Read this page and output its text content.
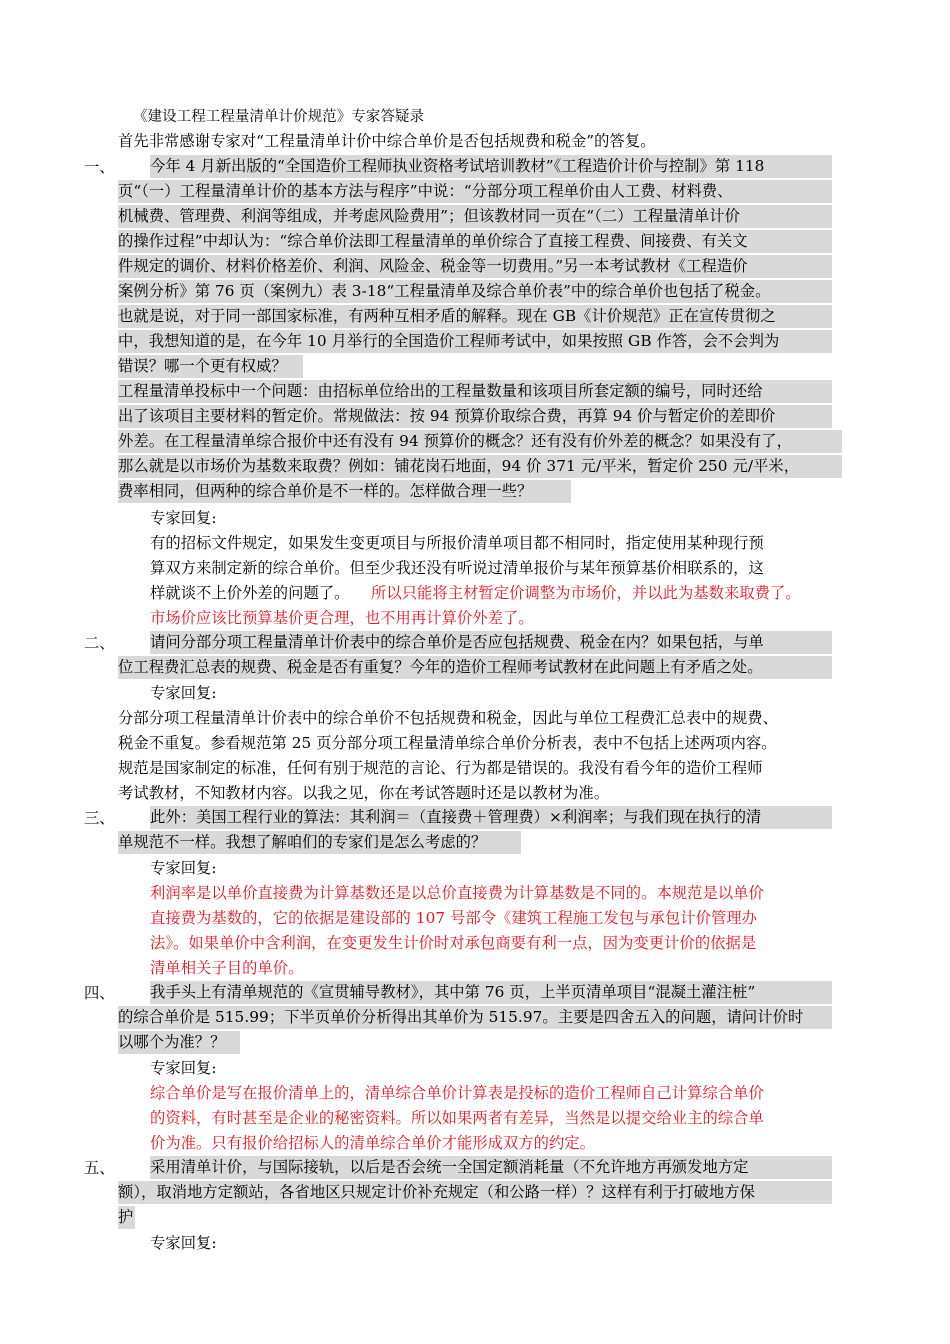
《建设工程工程量清单计价规范》专家答疑录
首先非常感谢专家对“工程量清单计价中综合单价是否包括规费和税金”的答复。
一、 今年 4 月新出版的“全国造价工程师执业资格考试培训教材”《工程造价计价与控制》第 118
页“（一）工程量清单计价的基本方法与程序”中说：“分部分项工程单价由人工费、材料费、
机械费、管理费、利润等组成，并考虑风险费用”；但该教材同一页在“（二）工程量清单计价
的操作过程”中却认为：“综合单价法即工程量清单的单价综合了直接工程费、间接费、有关文
件规定的调价、材料价格差价、利润、风险金、税金等一切费用。”另一本考试教材《工程造价
案例分析》第 76 页（案例九）表 3-18“工程量清单及综合单价表”中的综合单价也包括了税金。
也就是说，对于同一部国家标准，有两种互相矛盾的解释。现在 GB《计价规范》正在宣传贯彻之
中，我想知道的是，在今年 10 月举行的全国造价工程师考试中，如果按照 GB 作答，会不会判为
错误？哪一个更有权威？
工程量清单投标中一个问题：由招标单位给出的工程量数量和该项目所套定额的编号，同时还给
出了该项目主要材料的暂定价。常规做法：按 94 预算价取综合费，再算 94 价与暂定价的差即价
外差。在工程量清单综合报价中还有没有 94 预算价的概念？还有没有价外差的概念？如果没有了，
那么就是以市场价为基数来取费？例如：铺花岗石地面，94 价 371 元/平米，暂定价 250 元/平米，
费率相同，但两种的综合单价是不一样的。怎样做合理一些？
专家回复:
有的招标文件规定，如果发生变更项目与所报价清单项目都不相同时，指定使用某种现行预
算双方来制定新的综合单价。但至少我还没有听说过清单报价与某年预算基价相联系的，这
样就谈不上价外差的问题了。 所以只能将主材暂定价调整为市场价，并以此为基数来取费了。
市场价应该比预算基价更合理，也不用再计算价外差了。
二、 请问分部分项工程量清单计价表中的综合单价是否应包括规费、税金在内？如果包括，与单
位工程费汇总表的规费、税金是否有重复？今年的造价工程师考试教材在此问题上有矛盾之处。
专家回复:
分部分项工程量清单计价表中的综合单价不包括规费和税金，因此与单位工程费汇总表中的规费、
税金不重复。参看规范第 25 页分部分项工程量清单综合单价分析表，表中不包括上述两项内容。
规范是国家制定的标准，任何有别于规范的言论、行为都是错误的。我没有看今年的造价工程师
考试教材，不知教材内容。以我之见，你在考试答题时还是以教材为准。
三、 此外：美国工程行业的算法：其利润＝（直接费＋管理费）×利润率；与我们现在执行的清
单规范不一样。我想了解咱们的专家们是怎么考虑的？
专家回复:
利润率是以单价直接费为计算基数还是以总价直接费为计算基数是不同的。本规范是以单价
直接费为基数的，它的依据是建设部的 107 号部令《建筑工程施工发包与承包计价管理办
法》。如果单价中含利润，在变更发生计价时对承包商要有利一点，因为变更计价的依据是
清单相关子目的单价。
四、 我手头上有清单规范的《宣贯辅导教材》，其中第 76 页，上半页清单项目“混凝土灌注桩”
的综合单价是 515.99；下半页单价分析得出其单价为 515.97。主要是四舍五入的问题，请问计价时
以哪个为准？？
专家回复:
综合单价是写在报价清单上的，清单综合单价计算表是投标的造价工程师自己计算综合单价
的资料，有时甚至是企业的秘密资料。所以如果两者有差异，当然是以提交给业主的综合单
价为准。只有报价给招标人的清单综合单价才能形成双方的约定。
五、 采用清单计价，与国际接轨，以后是否会统一全国定额消耗量（不允许地方再颁发地方定
额），取消地方定额站，各省地区只规定计价补充规定（和公路一样）？这样有利于打破地方保
护
专家回复:
